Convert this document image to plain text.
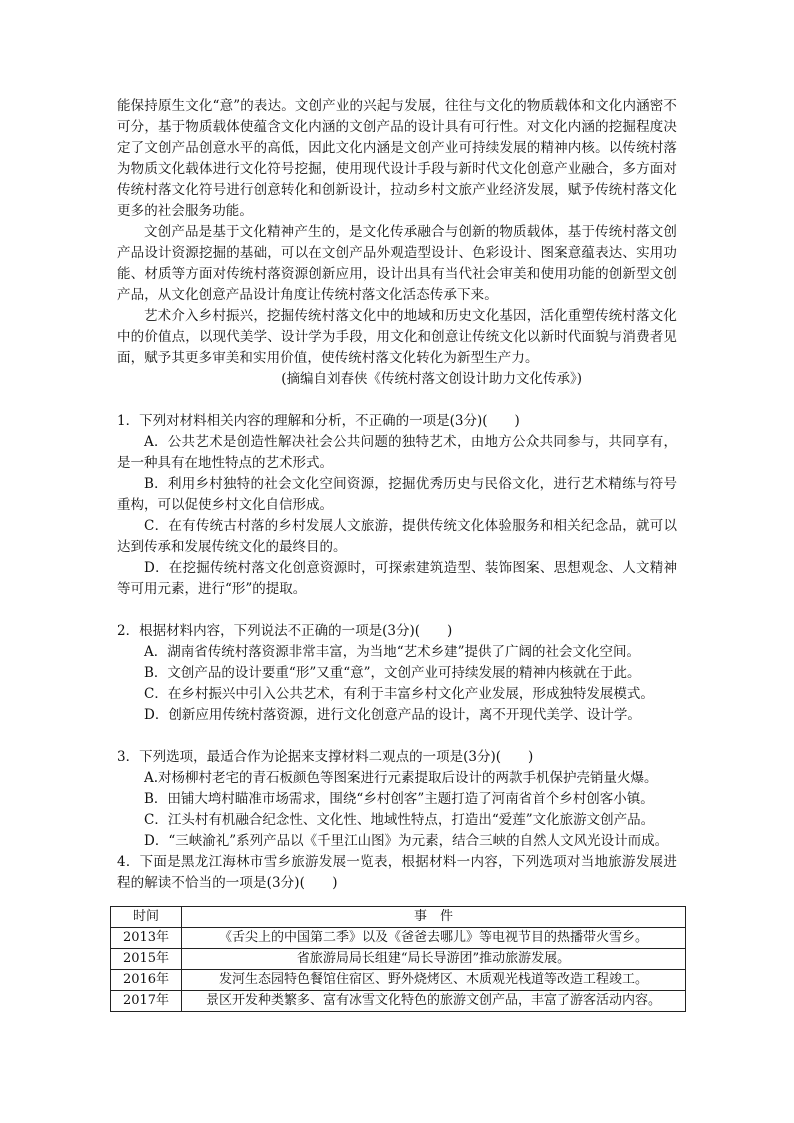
能保持原生文化“意”的表达。文创产业的兴起与发展，往往与文化的物质载体和文化内涵密不可分，基于物质载体使蕴含文化内涵的文创产品的设计具有可行性。对文化内涵的挖掘程度决定了文创产品创意水平的高低，因此文化内涵是文创产业可持续发展的精神内核。以传统村落为物质文化载体进行文化符号挖掘，使用现代设计手段与新时代文化创意产业融合，多方面对传统村落文化符号进行创意转化和创新设计，拉动乡村文旅产业经济发展，赋予传统村落文化更多的社会服务功能。

文创产品是基于文化精神产生的，是文化传承融合与创新的物质载体，基于传统村落文创产品设计资源挖掘的基础，可以在文创产品外观造型设计、色彩设计、图案意蕴表达、实用功能、材质等方面对传统村落资源创新应用，设计出具有当代社会审美和使用功能的创新型文创产品，从文化创意产品设计角度让传统村落文化活态传承下来。

艺术介入乡村振兴，挖掘传统村落文化中的地域和历史文化基因，活化重塑传统村落文化中的价值点，以现代美学、设计学为手段，用文化和创意让传统文化以新时代面貌与消费者见面，赋予其更多审美和实用价值，使传统村落文化转化为新型生产力。

(摘编自刘春侠《传统村落文创设计助力文化传承》)

1．下列对材料相关内容的理解和分析，不正确的一项是(3分)(　　)

A．公共艺术是创造性解决社会公共问题的独特艺术，由地方公众共同参与，共同享有，是一种具有在地性特点的艺术形式。

B．利用乡村独特的社会文化空间资源，挖掘优秀历史与民俗文化，进行艺术精练与符号重构，可以促使乡村文化自信形成。

C．在有传统古村落的乡村发展人文旅游，提供传统文化体验服务和相关纪念品，就可以达到传承和发展传统文化的最终目的。

D．在挖掘传统村落文化创意资源时，可探索建筑造型、装饰图案、思想观念、人文精神等可用元素，进行“形”的提取。

2．根据材料内容，下列说法不正确的一项是(3分)(　　)

A．湖南省传统村落资源非常丰富，为当地“艺术乡建”提供了广阔的社会文化空间。

B．文创产品的设计要重“形”又重“意”，文创产业可持续发展的精神内核就在于此。

C．在乡村振兴中引入公共艺术，有利于丰富乡村文化产业发展，形成独特发展模式。

D．创新应用传统村落资源，进行文化创意产品的设计，离不开现代美学、设计学。

3．下列选项，最适合作为论据来支撑材料二观点的一项是(3分)(　　)

A.对杨柳村老宅的青石板颜色等图案进行元素提取后设计的两款手机保护壳销量火爆。

B．田铺大塆村瞄准市场需求，围绕“乡村创客”主题打造了河南省首个乡村创客小镇。

C．江头村有机融合纪念性、文化性、地域性特点，打造出“爱莲”文化旅游文创产品。

D．“三峡渝礼”系列产品以《千里江山图》为元素，结合三峡的自然人文风光设计而成。

4．下面是黑龙江海林市雪乡旅游发展一览表，根据材料一内容，下列选项对当地旅游发展进程的解读不恰当的一项是(3分)(　　)

时间	事　件
2013年	《舌尖上的中国第二季》以及《爸爸去哪儿》等电视节目的热播带火雪乡。
2015年	省旅游局局长组建“局长导游团”推动旅游发展。
2016年	发河生态园特色餐馆住宿区、野外烧烤区、木质观光栈道等改造工程竣工。
2017年	景区开发种类繁多、富有冰雪文化特色的旅游文创产品，丰富了游客活动内容。
